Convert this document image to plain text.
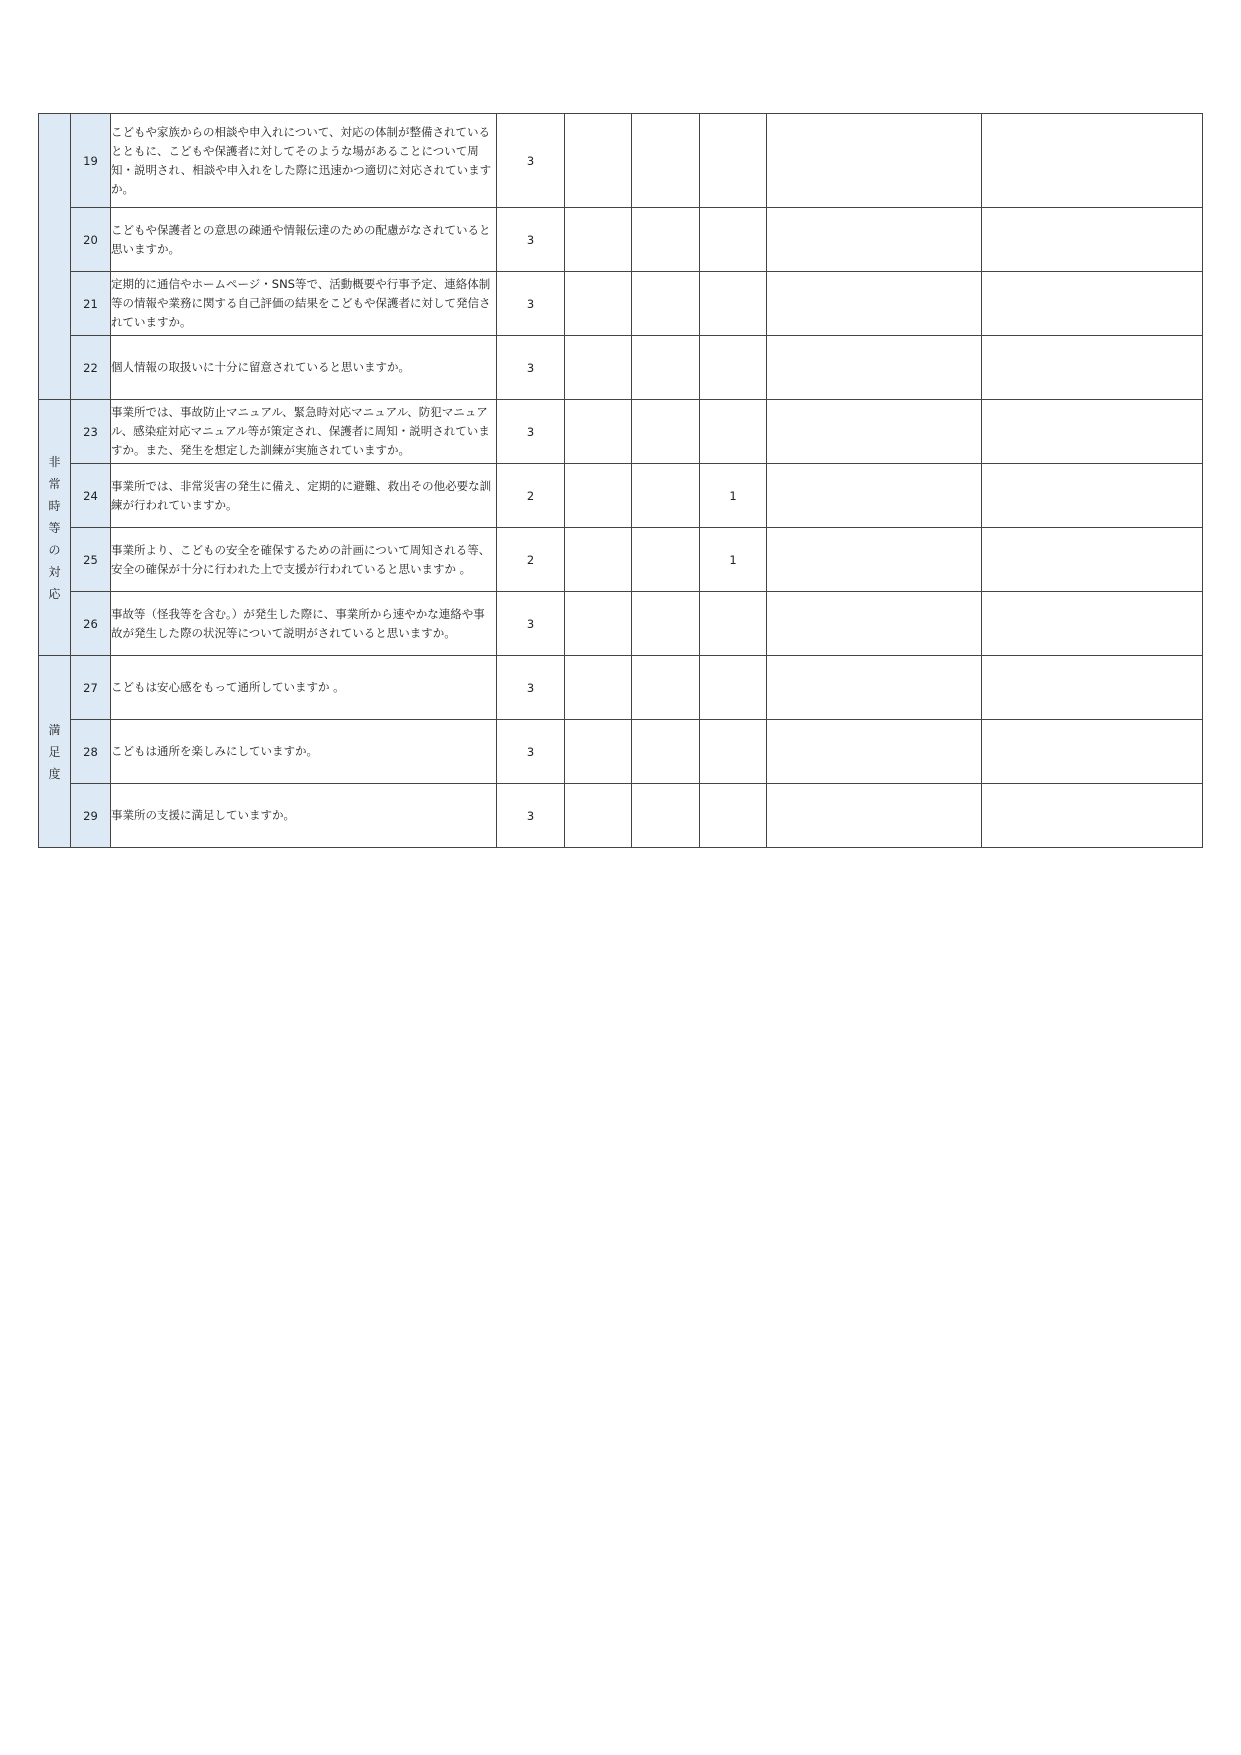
	19	こどもや家族からの相談や申入れについて、対応の体制が整備されているとともに、こどもや保護者に対してそのような場があることについて周知・説明され、相談や申入れをした際に迅速かつ適切に対応されていますか。	3					
	20	こどもや保護者との意思の疎通や情報伝達のための配慮がなされていると思いますか。	3					
	21	定期的に通信やホームページ・SNS等で、活動概要や行事予定、連絡体制等の情報や業務に関する自己評価の結果をこどもや保護者に対して発信されていますか。	3					
	22	個人情報の取扱いに十分に留意されていると思いますか。	3					
非常時等の対応	23	事業所では、事故防止マニュアル、緊急時対応マニュアル、防犯マニュアル、感染症対応マニュアル等が策定され、保護者に周知・説明されていますか。また、発生を想定した訓練が実施されていますか。	3					
	24	事業所では、非常災害の発生に備え、定期的に避難、救出その他必要な訓練が行われていますか。	2			1		
	25	事業所より、こどもの安全を確保するための計画について周知される等、安全の確保が十分に行われた上で支援が行われていると思いますか 。	2			1		
	26	事故等（怪我等を含む。）が発生した際に、事業所から速やかな連絡や事故が発生した際の状況等について説明がされていると思いますか。	3					
満足度	27	こどもは安心感をもって通所していますか 。	3					
	28	こどもは通所を楽しみにしていますか。	3					
	29	事業所の支援に満足していますか。	3					
